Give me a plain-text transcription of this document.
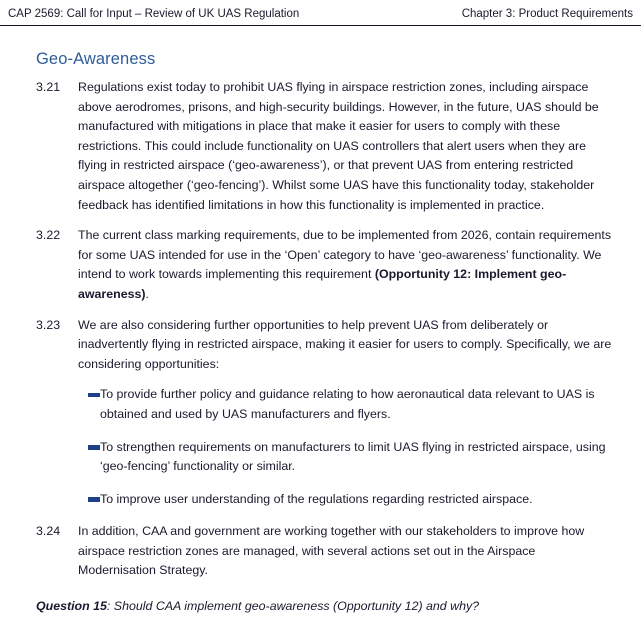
CAP 2569: Call for Input – Review of UK UAS Regulation	Chapter 3: Product Requirements
Geo-Awareness
3.21	Regulations exist today to prohibit UAS flying in airspace restriction zones, including airspace above aerodromes, prisons, and high-security buildings. However, in the future, UAS should be manufactured with mitigations in place that make it easier for users to comply with these restrictions. This could include functionality on UAS controllers that alert users when they are flying in restricted airspace (‘geo-awareness’), or that prevent UAS from entering restricted airspace altogether (‘geo-fencing’). Whilst some UAS have this functionality today, stakeholder feedback has identified limitations in how this functionality is implemented in practice.
3.22	The current class marking requirements, due to be implemented from 2026, contain requirements for some UAS intended for use in the ‘Open’ category to have ‘geo-awareness’ functionality. We intend to work towards implementing this requirement (Opportunity 12: Implement geo-awareness).
3.23	We are also considering further opportunities to help prevent UAS from deliberately or inadvertently flying in restricted airspace, making it easier for users to comply. Specifically, we are considering opportunities:
To provide further policy and guidance relating to how aeronautical data relevant to UAS is obtained and used by UAS manufacturers and flyers.
To strengthen requirements on manufacturers to limit UAS flying in restricted airspace, using ‘geo-fencing’ functionality or similar.
To improve user understanding of the regulations regarding restricted airspace.
3.24	In addition, CAA and government are working together with our stakeholders to improve how airspace restriction zones are managed, with several actions set out in the Airspace Modernisation Strategy.
Question 15: Should CAA implement geo-awareness (Opportunity 12) and why?
